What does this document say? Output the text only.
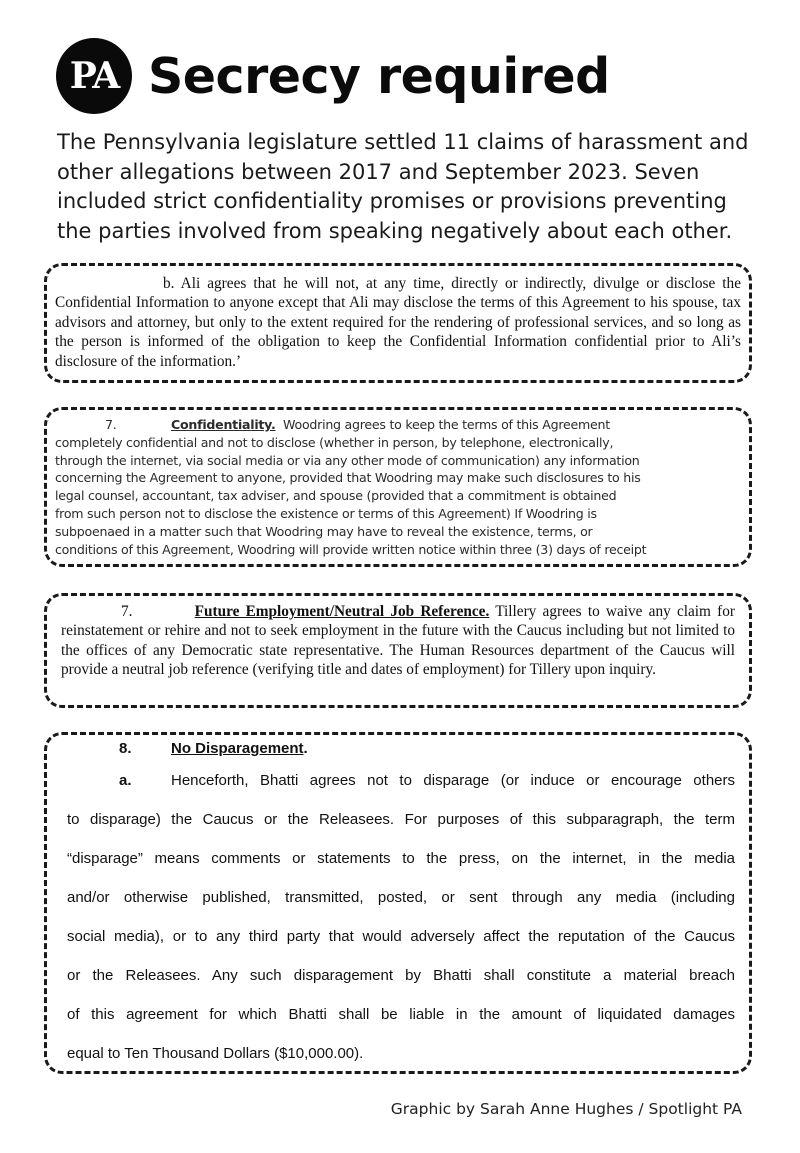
PA Secrecy required
The Pennsylvania legislature settled 11 claims of harassment and other allegations between 2017 and September 2023. Seven included strict confidentiality promises or provisions preventing the parties involved from speaking negatively about each other.

b. Ali agrees that he will not, at any time, directly or indirectly, divulge or disclose the Confidential Information to anyone except that Ali may disclose the terms of this Agreement to his spouse, tax advisors and attorney, but only to the extent required for the rendering of professional services, and so long as the person is informed of the obligation to keep the Confidential Information confidential prior to Ali’s disclosure of the information.’

7.	Confidentiality. Woodring agrees to keep the terms of this Agreement
completely confidential and not to disclose (whether in person, by telephone, electronically,
through the internet, via social media or via any other mode of communication) any information
concerning the Agreement to anyone, provided that Woodring may make such disclosures to his
legal counsel, accountant, tax adviser, and spouse (provided that a commitment is obtained
from such person not to disclose the existence or terms of this Agreement) If Woodring is
subpoenaed in a matter such that Woodring may have to reveal the existence, terms, or
conditions of this Agreement, Woodring will provide written notice within three (3) days of receipt

7.	Future Employment/Neutral Job Reference. Tillery agrees to waive any claim for reinstatement or rehire and not to seek employment in the future with the Caucus including but not limited to the offices of any Democratic state representative. The Human Resources department of the Caucus will provide a neutral job reference (verifying title and dates of employment) for Tillery upon inquiry.

8.	No Disparagement.
a.	Henceforth, Bhatti agrees not to disparage (or induce or encourage others
to disparage) the Caucus or the Releasees. For purposes of this subparagraph, the term
“disparage” means comments or statements to the press, on the internet, in the media
and/or otherwise published, transmitted, posted, or sent through any media (including
social media), or to any third party that would adversely affect the reputation of the Caucus
or the Releasees. Any such disparagement by Bhatti shall constitute a material breach
of this agreement for which Bhatti shall be liable in the amount of liquidated damages
equal to Ten Thousand Dollars ($10,000.00).
Graphic by Sarah Anne Hughes / Spotlight PA
